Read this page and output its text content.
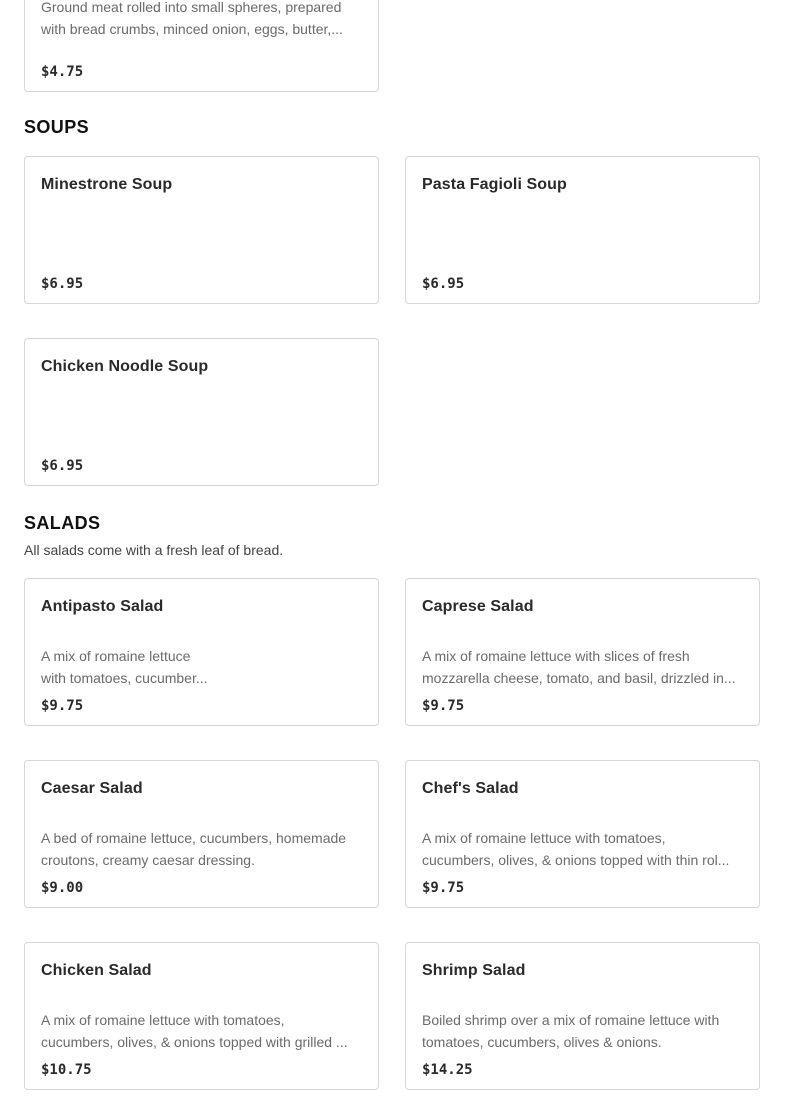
Ground meat rolled into small spheres, prepared
with bread crumbs, minced onion, eggs, butter,...
$4.75
SOUPS
Minestrone Soup
$6.95
Pasta Fagioli Soup
$6.95
Chicken Noodle Soup
$6.95
SALADS
All salads come with a fresh leaf of bread.
Antipasto Salad
A mix of romaine lettuce
with tomatoes, cucumber...
$9.75
Caprese Salad
A mix of romaine lettuce with slices of fresh
mozzarella cheese, tomato, and basil, drizzled in...
$9.75
Caesar Salad
A bed of romaine lettuce, cucumbers, homemade
croutons, creamy caesar dressing.
$9.00
Chef's Salad
A mix of romaine lettuce with tomatoes,
cucumbers, olives, & onions topped with thin rol...
$9.75
Chicken Salad
A mix of romaine lettuce with tomatoes,
cucumbers, olives, & onions topped with grilled ...
$10.75
Shrimp Salad
Boiled shrimp over a mix of romaine lettuce with
tomatoes, cucumbers, olives & onions.
$14.25
